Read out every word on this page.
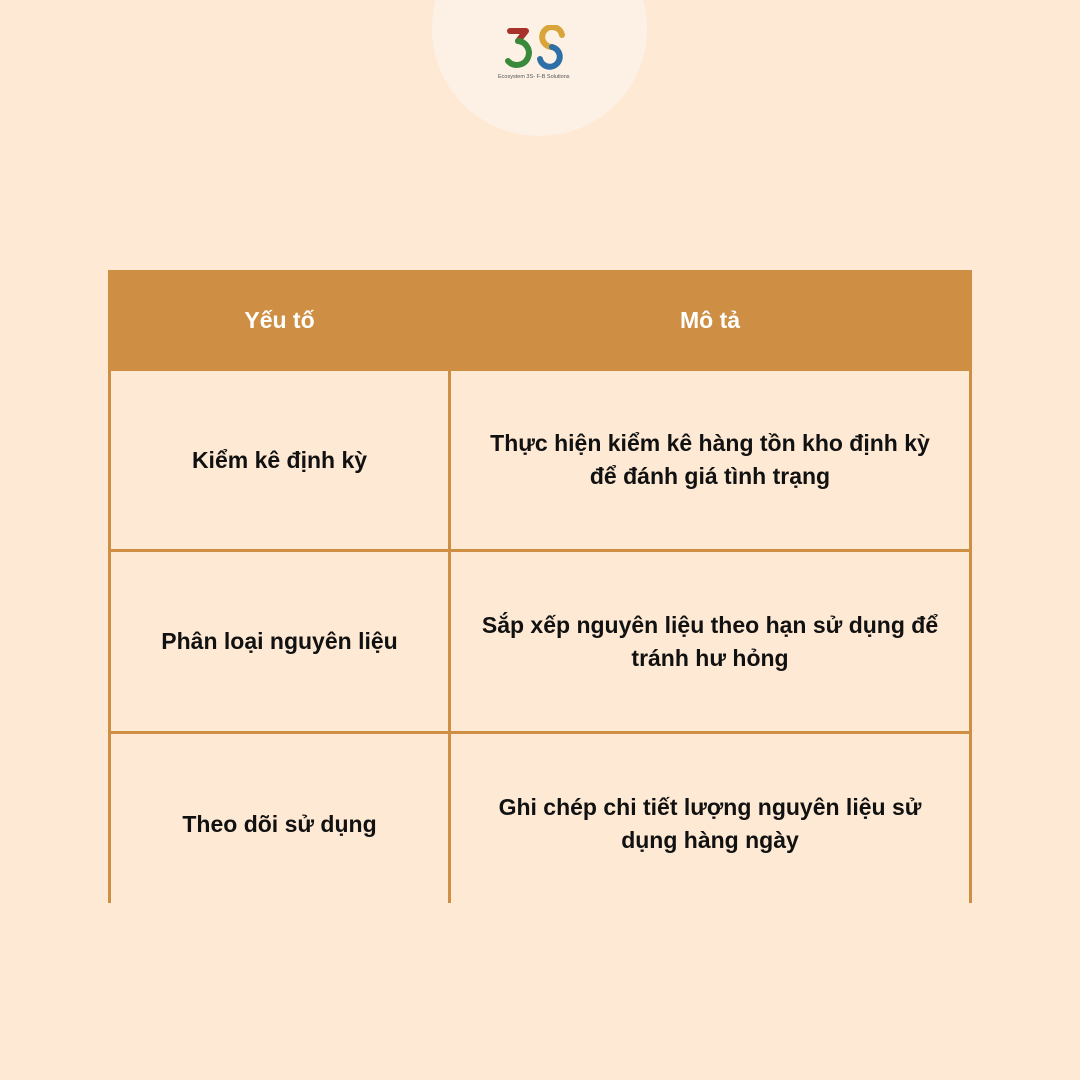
Ecosystem 3S- F-B Solutions
Yếu tố	Mô tả
Kiểm kê định kỳ
Thực hiện kiểm kê hàng tồn kho định kỳ để đánh giá tình trạng
Phân loại nguyên liệu
Sắp xếp nguyên liệu theo hạn sử dụng để tránh hư hỏng
Theo dõi sử dụng
Ghi chép chi tiết lượng nguyên liệu sử dụng hàng ngày
